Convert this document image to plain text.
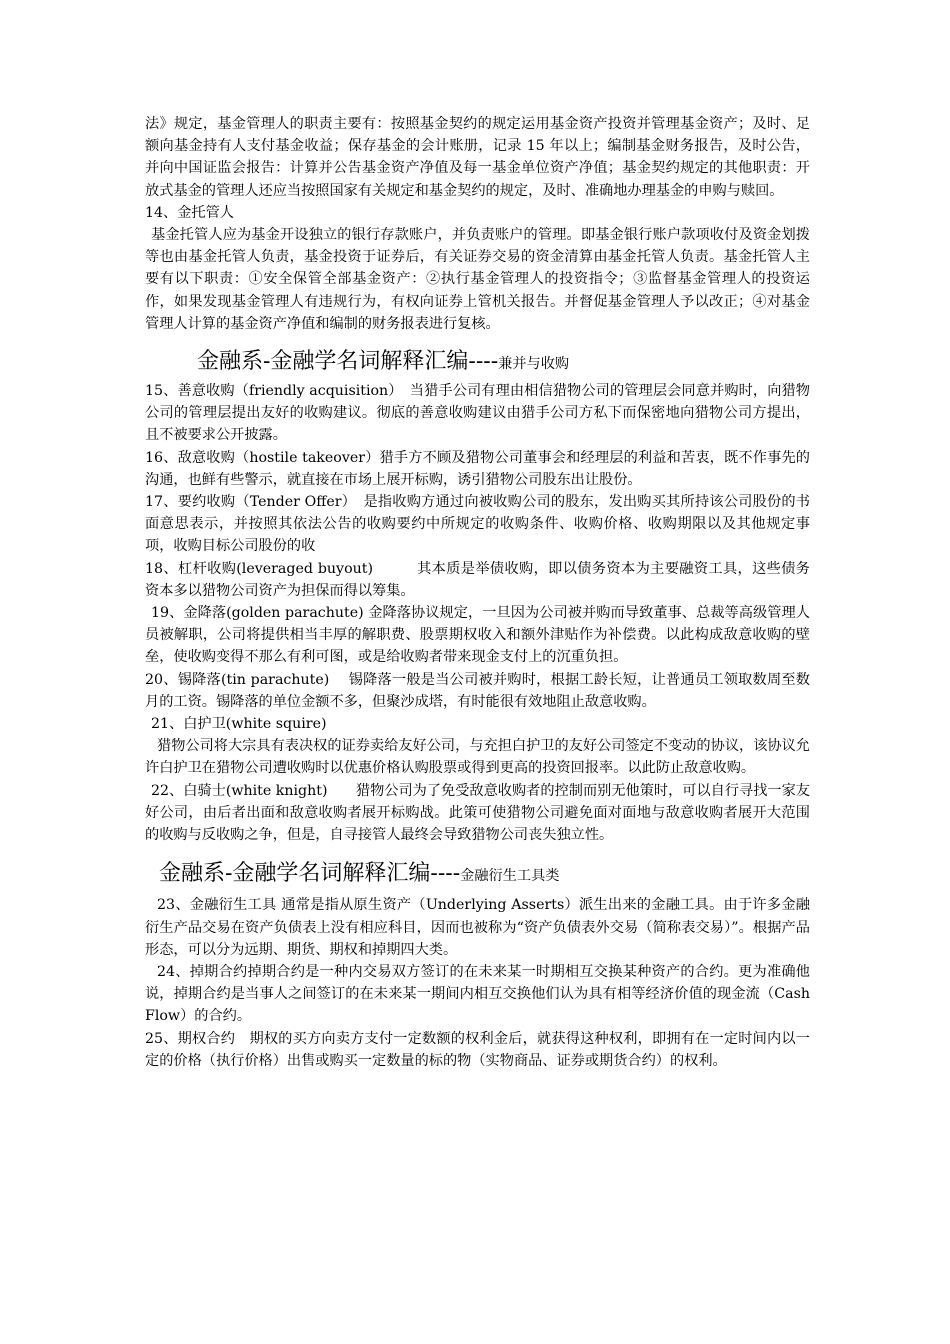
法》规定，基金管理人的职责主要有：按照基金契约的规定运用基金资产投资并管理基金资产；及时、足额向基金持有人支付基金收益；保存基金的会计账册，记录 15 年以上；编制基金财务报告，及时公告，并向中国证监会报告：计算并公告基金资产净值及每一基金单位资产净值；基金契约规定的其他职责：开放式基金的管理人还应当按照国家有关规定和基金契约的规定，及时、准确地办理基金的申购与赎回。

14、金托管人

基金托管人应为基金开设独立的银行存款账户，并负责账户的管理。即基金银行账户款项收付及资金划拨等也由基金托管人负责，基金投资于证券后，有关证券交易的资金清算由基金托管人负责。基金托管人主要有以下职责：①安全保管全部基金资产：②执行基金管理人的投资指令；③监督基金管理人的投资运作，如果发现基金管理人有违规行为，有权向证券上管机关报告。并督促基金管理人予以改正；④对基金管理人计算的基金资产净值和编制的财务报表进行复核。

金融系-金融学名词解释汇编----兼并与收购

15、善意收购（friendly acquisition）　当猎手公司有理由相信猎物公司的管理层会同意并购时，向猎物公司的管理层提出友好的收购建议。彻底的善意收购建议由猎手公司方私下而保密地向猎物公司方提出，且不被要求公开披露。

16、敌意收购（hostile takeover）猎手方不顾及猎物公司董事会和经理层的利益和苦衷，既不作事先的沟通，也鲜有些警示，就直接在市场上展开标购，诱引猎物公司股东出让股份。

17、要约收购（Tender Offer）　是指收购方通过向被收购公司的股东，发出购买其所持该公司股份的书面意思表示，并按照其依法公告的收购要约中所规定的收购条件、收购价格、收购期限以及其他规定事项，收购目标公司股份的收

18、杠杆收购(leveraged buyout)　　　其本质是举债收购，即以债务资本为主要融资工具，这些债务资本多以猎物公司资产为担保而得以筹集。

19、金降落(golden parachute) 金降落协议规定，一旦因为公司被并购而导致董事、总裁等高级管理人员被解职，公司将提供相当丰厚的解职费、股票期权收入和额外津贴作为补偿费。以此构成敌意收购的壁垒，使收购变得不那么有利可图，或是给收购者带来现金支付上的沉重负担。

20、锡降落(tin parachute)　 锡降落一般是当公司被并购时，根据工龄长短，让普通员工领取数周至数月的工资。锡降落的单位金额不多，但聚沙成塔，有时能很有效地阻止敌意收购。

21、白护卫(white squire)

猎物公司将大宗具有表决权的证券卖给友好公司，与充担白护卫的友好公司签定不变动的协议，该协议允许白护卫在猎物公司遭收购时以优惠价格认购股票或得到更高的投资回报率。以此防止敌意收购。

22、白骑士(white knight)　　猎物公司为了免受敌意收购者的控制而别无他策时，可以自行寻找一家友好公司，由后者出面和敌意收购者展开标购战。此策可使猎物公司避免面对面地与敌意收购者展开大范围的收购与反收购之争，但是，自寻接管人最终会导致猎物公司丧失独立性。

金融系-金融学名词解释汇编----金融衍生工具类

23、金融衍生工具 通常是指从原生资产（Underlying Asserts）派生出来的金融工具。由于许多金融衍生产品交易在资产负债表上没有相应科目，因而也被称为“资产负债表外交易（简称表交易）”。根据产品形态，可以分为远期、期货、期权和掉期四大类。

24、掉期合约掉期合约是一种内交易双方签订的在未来某一时期相互交换某种资产的合约。更为准确他说，掉期合约是当事人之间签订的在未来某一期间内相互交换他们认为具有相等经济价值的现金流（Cash Flow）的合约。

25、期权合约　期权的买方向卖方支付一定数额的权利金后，就获得这种权利，即拥有在一定时间内以一定的价格（执行价格）出售或购买一定数量的标的物（实物商品、证券或期货合约）的权利。
